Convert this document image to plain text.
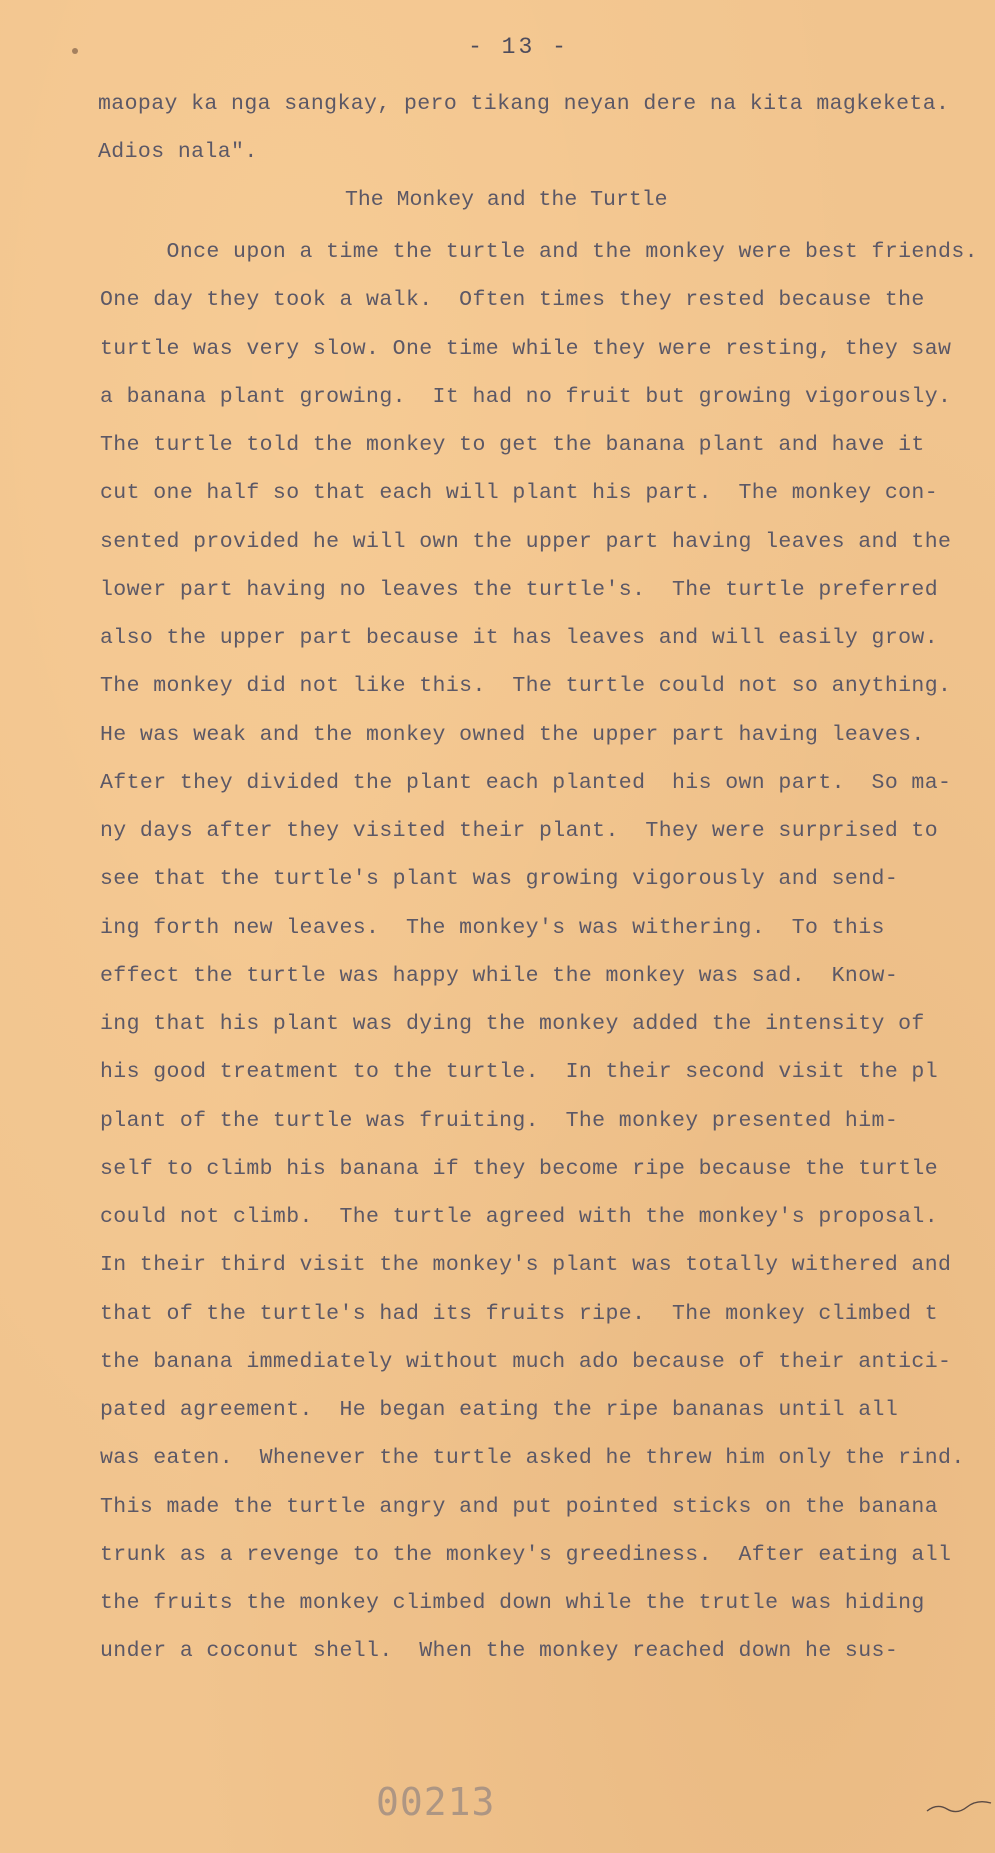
- 13 -
maopay ka nga sangkay, pero tikang neyan dere na kita magkeketa.
Adios nala".
The Monkey and the Turtle
Once upon a time the turtle and the monkey were best friends.
One day they took a walk.  Often times they rested because the
turtle was very slow. One time while they were resting, they saw
a banana plant growing.  It had no fruit but growing vigorously.
The turtle told the monkey to get the banana plant and have it
cut one half so that each will plant his part.  The monkey con-
sented provided he will own the upper part having leaves and the
lower part having no leaves the turtle's.  The turtle preferred
also the upper part because it has leaves and will easily grow.
The monkey did not like this.  The turtle could not so anything.
He was weak and the monkey owned the upper part having leaves.
After they divided the plant each planted  his own part.  So ma-
ny days after they visited their plant.  They were surprised to
see that the turtle's plant was growing vigorously and send-
ing forth new leaves.  The monkey's was withering.  To this
effect the turtle was happy while the monkey was sad.  Know-
ing that his plant was dying the monkey added the intensity of
his good treatment to the turtle.  In their second visit the pl
plant of the turtle was fruiting.  The monkey presented him-
self to climb his banana if they become ripe because the turtle
could not climb.  The turtle agreed with the monkey's proposal.
In their third visit the monkey's plant was totally withered and
that of the turtle's had its fruits ripe.  The monkey climbed t
the banana immediately without much ado because of their antici-
pated agreement.  He began eating the ripe bananas until all
was eaten.  Whenever the turtle asked he threw him only the rind.
This made the turtle angry and put pointed sticks on the banana
trunk as a revenge to the monkey's greediness.  After eating all
the fruits the monkey climbed down while the trutle was hiding
under a coconut shell.  When the monkey reached down he sus-
00213
